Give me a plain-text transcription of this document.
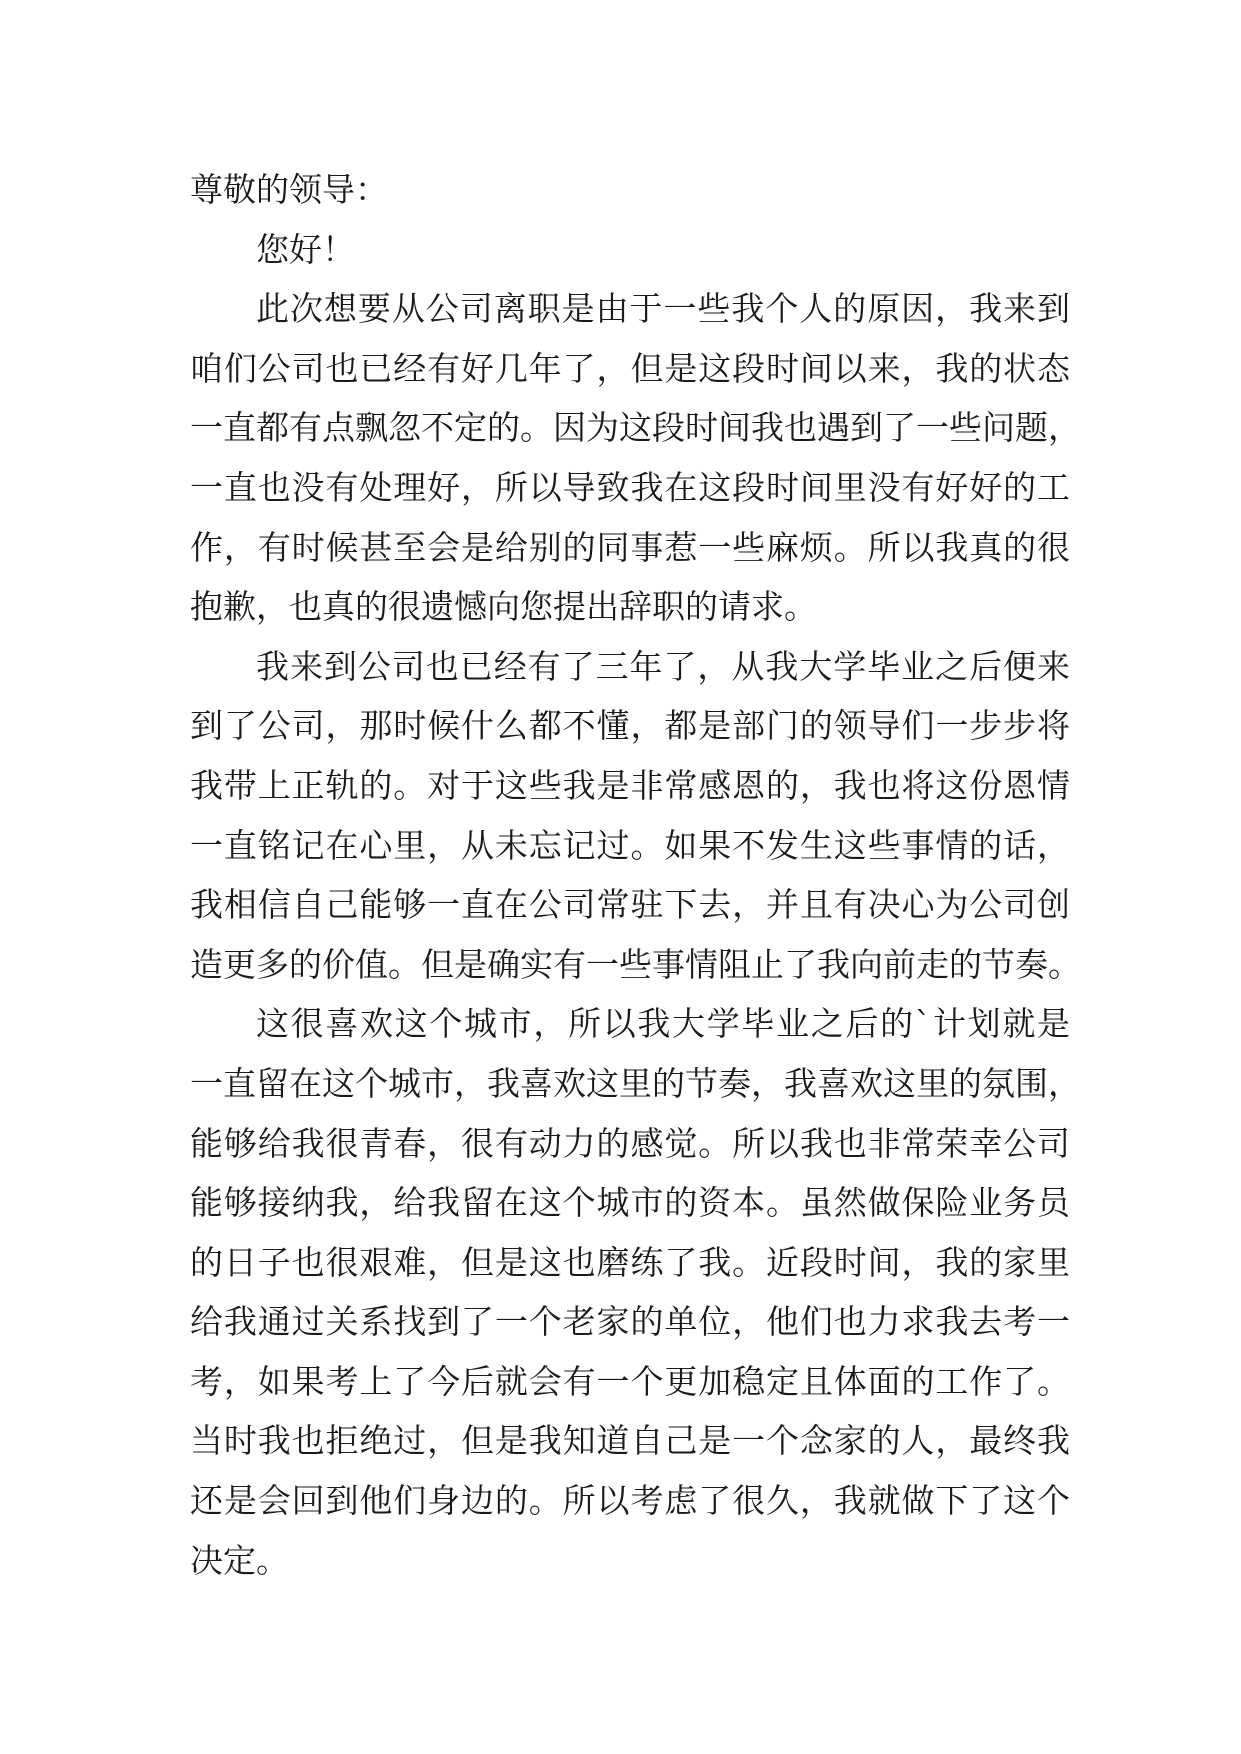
尊敬的领导：
您好！
此次想要从公司离职是由于一些我个人的原因，我来到
咱们公司也已经有好几年了，但是这段时间以来，我的状态
一直都有点飘忽不定的。因为这段时间我也遇到了一些问题，
一直也没有处理好，所以导致我在这段时间里没有好好的工
作，有时候甚至会是给别的同事惹一些麻烦。所以我真的很
抱歉，也真的很遗憾向您提出辞职的请求。
我来到公司也已经有了三年了，从我大学毕业之后便来
到了公司，那时候什么都不懂，都是部门的领导们一步步将
我带上正轨的。对于这些我是非常感恩的，我也将这份恩情
一直铭记在心里，从未忘记过。如果不发生这些事情的话，
我相信自己能够一直在公司常驻下去，并且有决心为公司创
造更多的价值。但是确实有一些事情阻止了我向前走的节奏。
这很喜欢这个城市，所以我大学毕业之后的`计划就是
一直留在这个城市，我喜欢这里的节奏，我喜欢这里的氛围，
能够给我很青春，很有动力的感觉。所以我也非常荣幸公司
能够接纳我，给我留在这个城市的资本。虽然做保险业务员
的日子也很艰难，但是这也磨练了我。近段时间，我的家里
给我通过关系找到了一个老家的单位，他们也力求我去考一
考，如果考上了今后就会有一个更加稳定且体面的工作了。
当时我也拒绝过，但是我知道自己是一个念家的人，最终我
还是会回到他们身边的。所以考虑了很久，我就做下了这个
决定。
